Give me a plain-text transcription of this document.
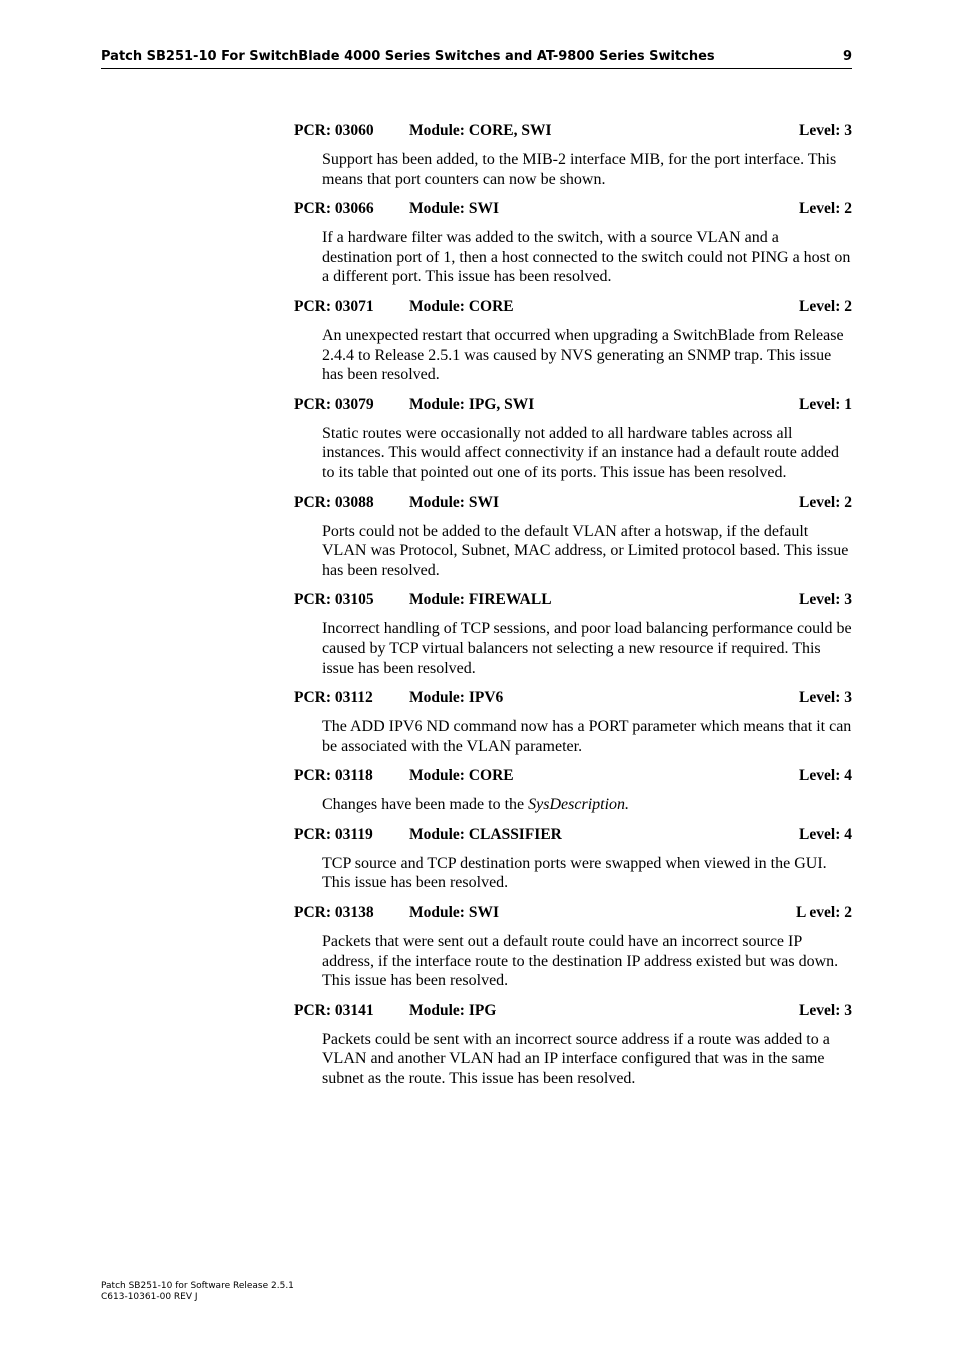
Patch SB251-10 For SwitchBlade 4000 Series Switches and AT-9800 Series Switches	9
PCR: 03060 Module: CORE, SWI	Level: 3
Support has been added, to the MIB-2 interface MIB, for the port interface. This means that port counters can now be shown.
PCR: 03066 Module: SWI	Level: 2
If a hardware filter was added to the switch, with a source VLAN and a destination port of 1, then a host connected to the switch could not PING a host on a different port. This issue has been resolved.
PCR: 03071 Module: CORE	Level: 2
An unexpected restart that occurred when upgrading a SwitchBlade from Release 2.4.4 to Release 2.5.1 was caused by NVS generating an SNMP trap. This issue has been resolved.
PCR: 03079 Module: IPG, SWI	Level: 1
Static routes were occasionally not added to all hardware tables across all instances. This would affect connectivity if an instance had a default route added to its table that pointed out one of its ports. This issue has been resolved.
PCR: 03088 Module: SWI	Level: 2
Ports could not be added to the default VLAN after a hotswap, if the default VLAN was Protocol, Subnet, MAC address, or Limited protocol based. This issue has been resolved.
PCR: 03105 Module: FIREWALL	Level: 3
Incorrect handling of TCP sessions, and poor load balancing performance could be caused by TCP virtual balancers not selecting a new resource if required. This issue has been resolved.
PCR: 03112 Module: IPV6	Level: 3
The ADD IPV6 ND command now has a PORT parameter which means that it can be associated with the VLAN parameter.
PCR: 03118 Module: CORE	Level: 4
Changes have been made to the SysDescription.
PCR: 03119 Module: CLASSIFIER	Level: 4
TCP source and TCP destination ports were swapped when viewed in the GUI. This issue has been resolved.
PCR: 03138 Module: SWI	L evel: 2
Packets that were sent out a default route could have an incorrect source IP address, if the interface route to the destination IP address existed but was down. This issue has been resolved.
PCR: 03141 Module: IPG	Level: 3
Packets could be sent with an incorrect source address if a route was added to a VLAN and another VLAN had an IP interface configured that was in the same subnet as the route. This issue has been resolved.
Patch SB251-10 for Software Release 2.5.1
C613-10361-00 REV J
